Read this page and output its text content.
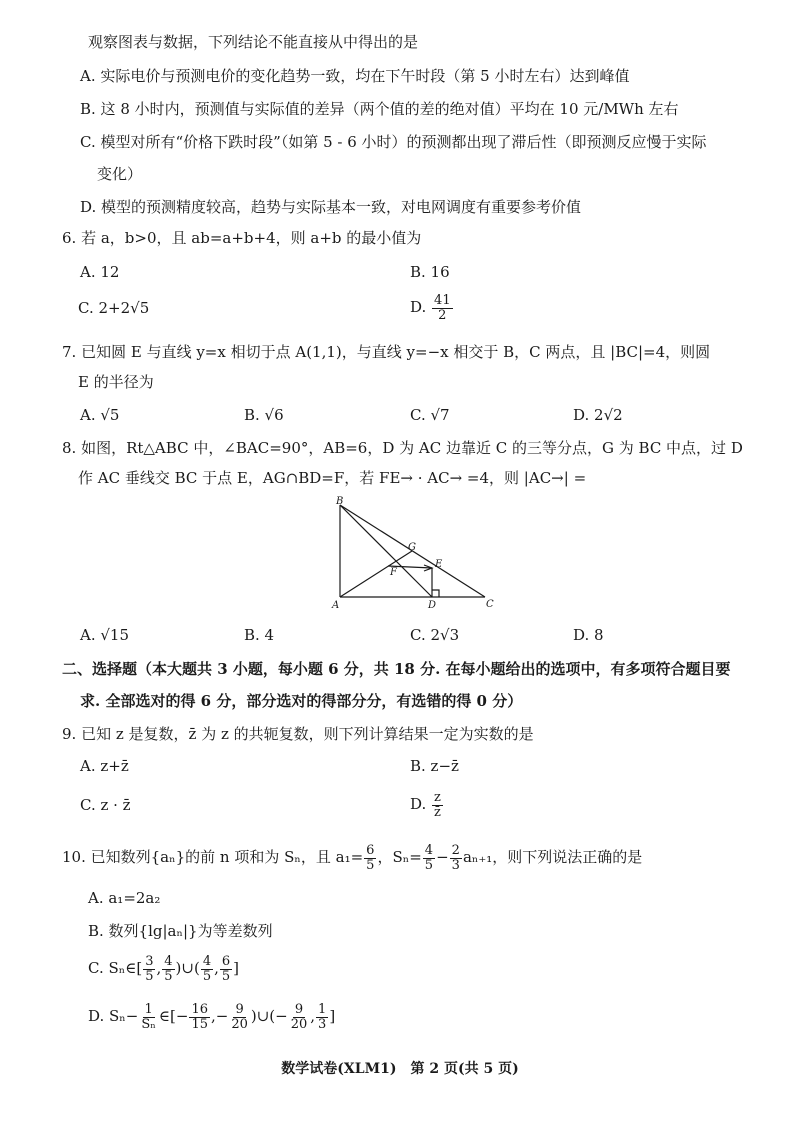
观察图表与数据，下列结论不能直接从中得出的是
A. 实际电价与预测电价的变化趋势一致，均在下午时段（第 5 小时左右）达到峰值
B. 这 8 小时内，预测值与实际值的差异（两个值的差的绝对值）平均在 10 元/MWh 左右
C. 模型对所有“价格下跌时段”（如第 5 - 6 小时）的预测都出现了滞后性（即预测反应慢于实际
变化）
D. 模型的预测精度较高，趋势与实际基本一致，对电网调度有重要参考价值
6. 若 a，b>0，且 ab=a+b+4，则 a+b 的最小值为
A. 12	B. 16
C. 2+2√5	D. $\frac{41}{2}$
7. 已知圆 E 与直线 y=x 相切于点 A(1,1)，与直线 y=−x 相交于 B，C 两点，且 |BC|=4，则圆
E 的半径为
A. √5	B. √6	C. √7	D. 2√2
8. 如图，Rt△ABC 中，∠BAC=90°，AB=6，D 为 AC 边靠近 C 的三等分点，G 为 BC 中点，过 D
作 AC 垂线交 BC 于点 E，AG∩BD=F，若 FE→ · AC→ =4，则 |AC→| =
B
A	D	C
E
F
G
A. √15	B. 4	C. 2√3	D. 8
二、选择题（本大题共 3 小题，每小题 6 分，共 18 分. 在每小题给出的选项中，有多项符合题目要
求. 全部选对的得 6 分，部分选对的得部分分，有选错的得 0 分）
9. 已知 z 是复数，z̄ 为 z 的共轭复数，则下列计算结果一定为实数的是
A. z+z̄	B. z−z̄
C. z · z̄	D. $\frac{z}{z̄}$
10. 已知数列{aₙ}的前 n 项和为 Sₙ，且 $a_1= \frac{6}{5}$ ，$S_n= \frac{4}{5} - \frac{2}{3} a_{n+1}$，则下列说法正确的是
A. a₁=2a₂
B. 数列{lg|aₙ|}为等差数列
C. Sₙ∈[ $\frac{3}{5}$ , $\frac{4}{5}$ )∪( $\frac{4}{5}$ , $\frac{6}{5}$ ]
D. $S_n- \frac{1}{\text{Sₙ}}$ ∈[− $\frac{16}{15}$ ,− $\frac{9}{20}$ )∪(− $\frac{9}{20}$ , $\frac{1}{3}$ ]
数学试卷(XLM1)　第 2 页(共 5 页)
